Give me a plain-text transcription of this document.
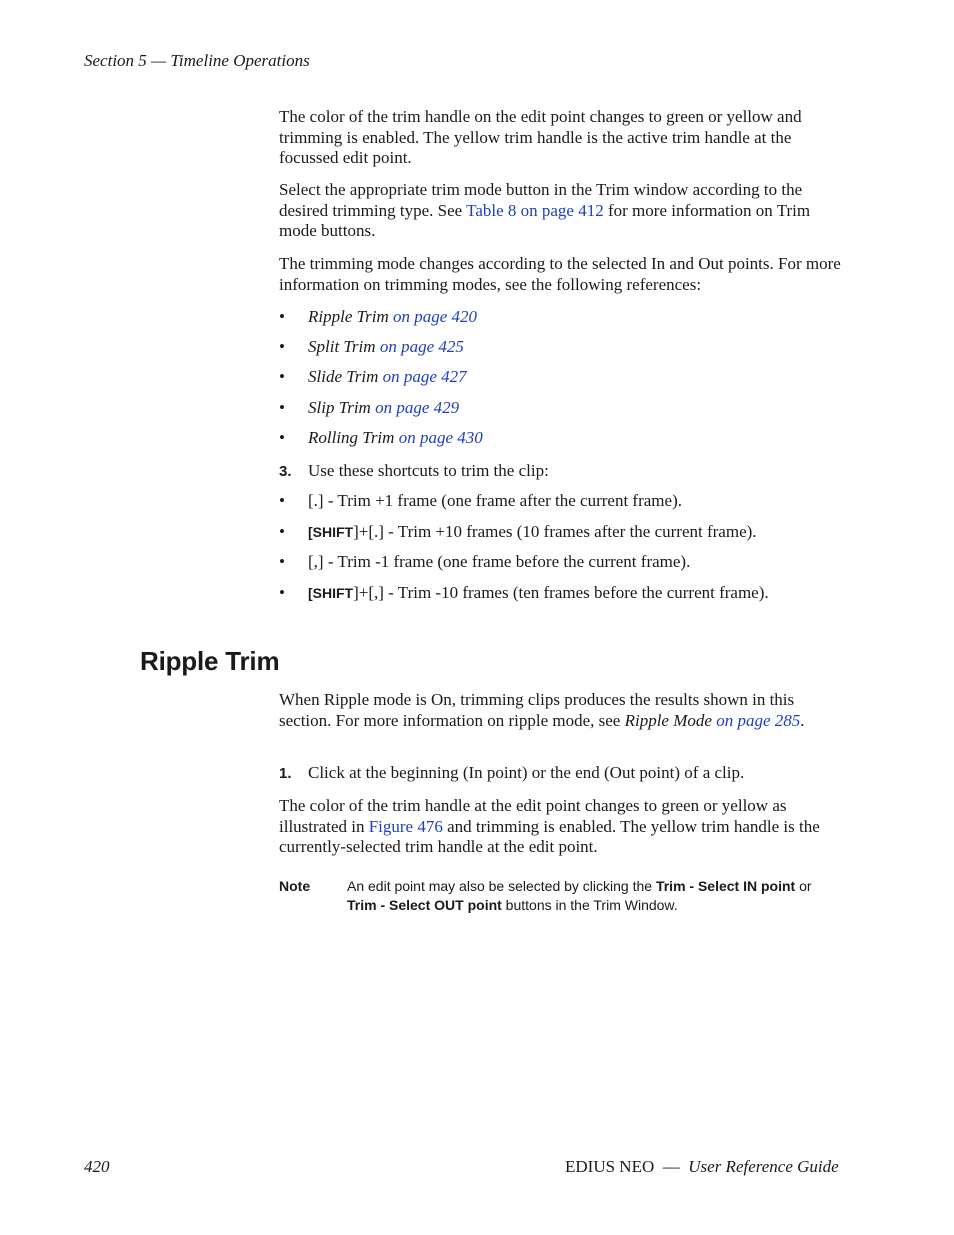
Section 5 — Timeline Operations

The color of the trim handle on the edit point changes to green or yellow and trimming is enabled. The yellow trim handle is the active trim handle at the focussed edit point.

Select the appropriate trim mode button in the Trim window according to the desired trimming type. See Table 8 on page 412 for more information on Trim mode buttons.

The trimming mode changes according to the selected In and Out points. For more information on trimming modes, see the following references:

• Ripple Trim on page 420
• Split Trim on page 425
• Slide Trim on page 427
• Slip Trim on page 429
• Rolling Trim on page 430
3. Use these shortcuts to trim the clip:
• [.] - Trim +1 frame (one frame after the current frame).
• [SHIFT]+[.] - Trim +10 frames (10 frames after the current frame).
• [,] - Trim -1 frame (one frame before the current frame).
• [SHIFT]+[,] - Trim -10 frames (ten frames before the current frame).
Ripple Trim

When Ripple mode is On, trimming clips produces the results shown in this section. For more information on ripple mode, see Ripple Mode on page 285.

1. Click at the beginning (In point) or the end (Out point) of a clip.

The color of the trim handle at the edit point changes to green or yellow as illustrated in Figure 476 and trimming is enabled. The yellow trim handle is the currently-selected trim handle at the edit point.

Note	An edit point may also be selected by clicking the Trim - Select IN point or
Trim - Select OUT point buttons in the Trim Window.
420	EDIUS NEO  —  User Reference Guide
